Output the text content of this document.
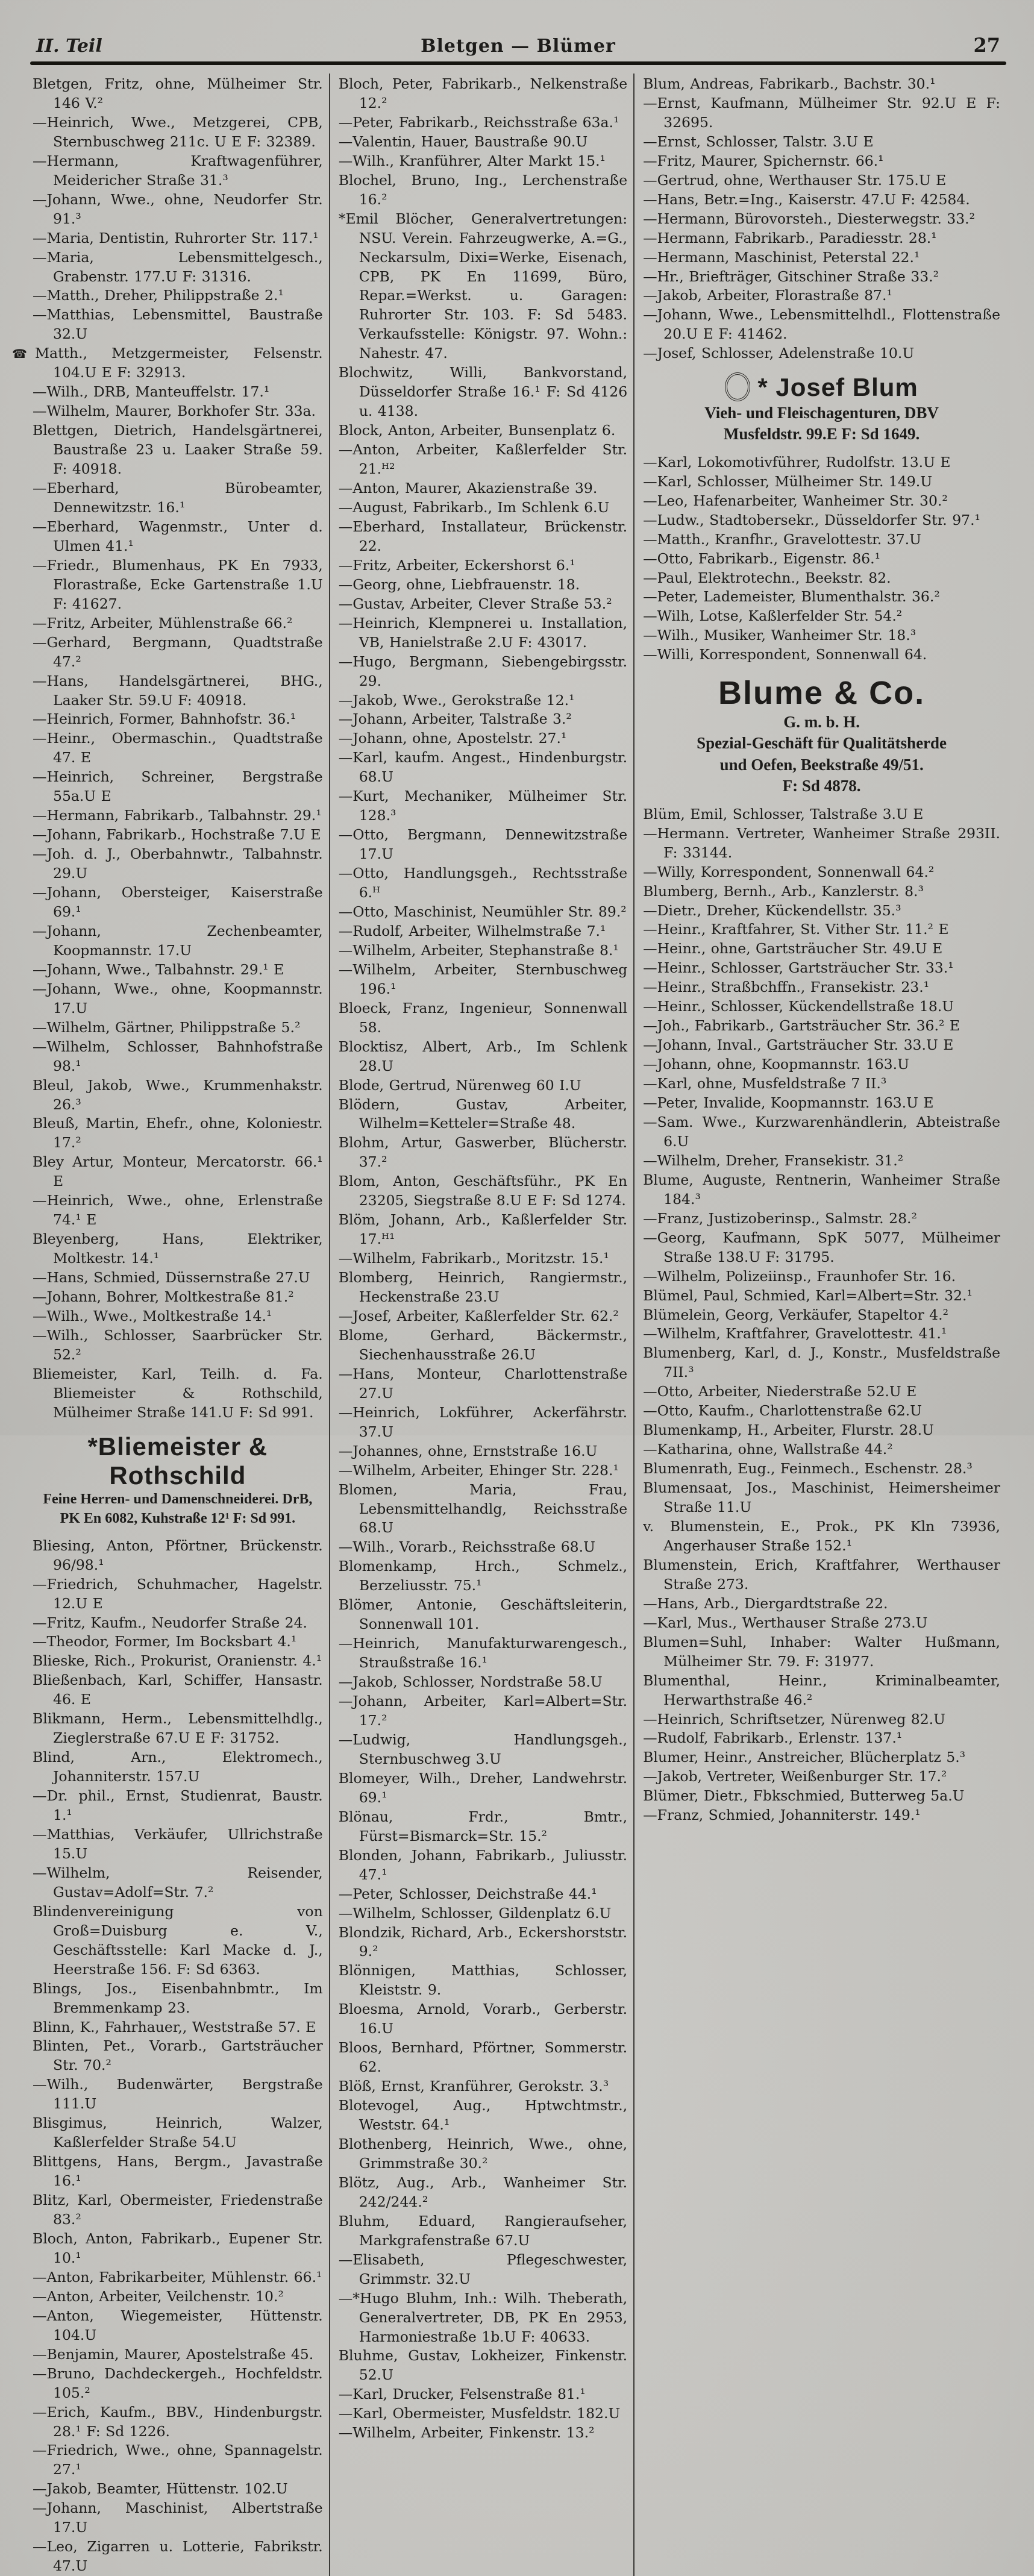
II. Teil	Bletgen — Blümer	27

Bletgen, Fritz, ohne, Mülheimer Str. 146 V.²

—Heinrich, Wwe., Metzgerei, CPB, Sternbuschweg 211c. U E F: 32389.

—Hermann, Kraftwagenführer, Meidericher Straße 31.³

—Johann, Wwe., ohne, Neudorfer Str. 91.³

—Maria, Dentistin, Ruhrorter Str. 117.¹

—Maria, Lebensmittelgesch., Grabenstr. 177.U F: 31316.

—Matth., Dreher, Philippstraße 2.¹

—Matthias, Lebensmittel, Baustraße 32.U

☎ Matth., Metzgermeister, Felsenstr. 104.U E F: 32913.

—Wilh., DRB, Manteuffelstr. 17.¹

—Wilhelm, Maurer, Borkhofer Str. 33a.

Blettgen, Dietrich, Handelsgärtnerei, Baustraße 23 u. Laaker Straße 59. F: 40918.

—Eberhard, Bürobeamter, Dennewitzstr. 16.¹

—Eberhard, Wagenmstr., Unter d. Ulmen 41.¹

—Friedr., Blumenhaus, PK En 7933, Florastraße, Ecke Gartenstraße 1.U F: 41627.

—Fritz, Arbeiter, Mühlenstraße 66.²

—Gerhard, Bergmann, Quadtstraße 47.²

—Hans, Handelsgärtnerei, BHG., Laaker Str. 59.U F: 40918.

—Heinrich, Former, Bahnhofstr. 36.¹

—Heinr., Obermaschin., Quadtstraße 47. E

—Heinrich, Schreiner, Bergstraße 55a.U E

—Hermann, Fabrikarb., Talbahnstr. 29.¹

—Johann, Fabrikarb., Hochstraße 7.U E

—Joh. d. J., Oberbahnwtr., Talbahnstr. 29.U

—Johann, Obersteiger, Kaiserstraße 69.¹

—Johann, Zechenbeamter, Koopmannstr. 17.U

—Johann, Wwe., Talbahnstr. 29.¹ E

—Johann, Wwe., ohne, Koopmannstr. 17.U

—Wilhelm, Gärtner, Philippstraße 5.²

—Wilhelm, Schlosser, Bahnhofstraße 98.¹

Bleul, Jakob, Wwe., Krummenhakstr. 26.³

Bleuß, Martin, Ehefr., ohne, Koloniestr. 17.²

Bley Artur, Monteur, Mercatorstr. 66.¹ E

—Heinrich, Wwe., ohne, Erlenstraße 74.¹ E

Bleyenberg, Hans, Elektriker, Moltkestr. 14.¹

—Hans, Schmied, Düssernstraße 27.U

—Johann, Bohrer, Moltkestraße 81.²

—Wilh., Wwe., Moltkestraße 14.¹

—Wilh., Schlosser, Saarbrücker Str. 52.²

Bliemeister, Karl, Teilh. d. Fa. Bliemeister & Rothschild, Mülheimer Straße 141.U F: Sd 991.

*Bliemeister & Rothschild
Feine Herren- und Damenschneiderei. DrB,
PK En 6082, Kuhstraße 12¹ F: Sd 991.

Bliesing, Anton, Pförtner, Brückenstr. 96/98.¹

—Friedrich, Schuhmacher, Hagelstr. 12.U E

—Fritz, Kaufm., Neudorfer Straße 24.

—Theodor, Former, Im Bocksbart 4.¹

Blieske, Rich., Prokurist, Oranienstr. 4.¹

Bließenbach, Karl, Schiffer, Hansastr. 46. E

Blikmann, Herm., Lebensmittelhdlg., Zieglerstraße 67.U E F: 31752.

Blind, Arn., Elektromech., Johanniterstr. 157.U

—Dr. phil., Ernst, Studienrat, Baustr. 1.¹

—Matthias, Verkäufer, Ullrichstraße 15.U

—Wilhelm, Reisender, Gustav=Adolf=Str. 7.²

Blindenvereinigung von Groß=Duisburg e. V., Geschäftsstelle: Karl Macke d. J., Heerstraße 156. F: Sd 6363.

Blings, Jos., Eisenbahnbmtr., Im Bremmenkamp 23.

Blinn, K., Fahrhauer,, Weststraße 57. E

Blinten, Pet., Vorarb., Gartsträucher Str. 70.²

—Wilh., Budenwärter, Bergstraße 111.U

Blisgimus, Heinrich, Walzer, Kaßlerfelder Straße 54.U

Blittgens, Hans, Bergm., Javastraße 16.¹

Blitz, Karl, Obermeister, Friedenstraße 83.²

Bloch, Anton, Fabrikarb., Eupener Str. 10.¹

—Anton, Fabrikarbeiter, Mühlenstr. 66.¹

—Anton, Arbeiter, Veilchenstr. 10.²

—Anton, Wiegemeister, Hüttenstr. 104.U

—Benjamin, Maurer, Apostelstraße 45.

—Bruno, Dachdeckergeh., Hochfeldstr. 105.²

—Erich, Kaufm., BBV., Hindenburgstr. 28.¹ F: Sd 1226.

—Friedrich, Wwe., ohne, Spannagelstr. 27.¹

—Jakob, Beamter, Hüttenstr. 102.U

—Johann, Maschinist, Albertstraße 17.U

—Leo, Zigarren u. Lotterie, Fabrikstr. 47.U

Bloch, Peter, Fabrikarb., Nelkenstraße 12.²

—Peter, Fabrikarb., Reichsstraße 63a.¹

—Valentin, Hauer, Baustraße 90.U

—Wilh., Kranführer, Alter Markt 15.¹

Blochel, Bruno, Ing., Lerchenstraße 16.²

*Emil Blöcher, Generalvertretungen: NSU. Verein. Fahrzeugwerke, A.=G., Neckarsulm, Dixi=Werke, Eisenach, CPB, PK En 11699, Büro, Repar.=Werkst. u. Garagen: Ruhrorter Str. 103. F: Sd 5483. Verkaufsstelle: Königstr. 97. Wohn.: Nahestr. 47.

Blochwitz, Willi, Bankvorstand, Düsseldorfer Straße 16.¹ F: Sd 4126 u. 4138.

Block, Anton, Arbeiter, Bunsenplatz 6.

—Anton, Arbeiter, Kaßlerfelder Str. 21.ᴴ²

—Anton, Maurer, Akazienstraße 39.

—August, Fabrikarb., Im Schlenk 6.U

—Eberhard, Installateur, Brückenstr. 22.

—Fritz, Arbeiter, Eckershorst 6.¹

—Georg, ohne, Liebfrauenstr. 18.

—Gustav, Arbeiter, Clever Straße 53.²

—Heinrich, Klempnerei u. Installation, VB, Hanielstraße 2.U F: 43017.

—Hugo, Bergmann, Siebengebirgsstr. 29.

—Jakob, Wwe., Gerokstraße 12.¹

—Johann, Arbeiter, Talstraße 3.²

—Johann, ohne, Apostelstr. 27.¹

—Karl, kaufm. Angest., Hindenburgstr. 68.U

—Kurt, Mechaniker, Mülheimer Str. 128.³

—Otto, Bergmann, Dennewitzstraße 17.U

—Otto, Handlungsgeh., Rechtsstraße 6.ᴴ

—Otto, Maschinist, Neumühler Str. 89.²

—Rudolf, Arbeiter, Wilhelmstraße 7.¹

—Wilhelm, Arbeiter, Stephanstraße 8.¹

—Wilhelm, Arbeiter, Sternbuschweg 196.¹

Bloeck, Franz, Ingenieur, Sonnenwall 58.

Blocktisz, Albert, Arb., Im Schlenk 28.U

Blode, Gertrud, Nürenweg 60 I.U

Blödern, Gustav, Arbeiter, Wilhelm=Ketteler=Straße 48.

Blohm, Artur, Gaswerber, Blücherstr. 37.²

Blom, Anton, Geschäftsführ., PK En 23205, Siegstraße 8.U E F: Sd 1274.

Blöm, Johann, Arb., Kaßlerfelder Str. 17.ᴴ¹

—Wilhelm, Fabrikarb., Moritzstr. 15.¹

Blomberg, Heinrich, Rangiermstr., Heckenstraße 23.U

—Josef, Arbeiter, Kaßlerfelder Str. 62.²

Blome, Gerhard, Bäckermstr., Siechenhausstraße 26.U

—Hans, Monteur, Charlottenstraße 27.U

—Heinrich, Lokführer, Ackerfährstr. 37.U

—Johannes, ohne, Ernststraße 16.U

—Wilhelm, Arbeiter, Ehinger Str. 228.¹

Blomen, Maria, Frau, Lebensmittelhandlg, Reichsstraße 68.U

—Wilh., Vorarb., Reichsstraße 68.U

Blomenkamp, Hrch., Schmelz., Berzeliusstr. 75.¹

Blömer, Antonie, Geschäftsleiterin, Sonnenwall 101.

—Heinrich, Manufakturwarengesch., Straußstraße 16.¹

—Jakob, Schlosser, Nordstraße 58.U

—Johann, Arbeiter, Karl=Albert=Str. 17.²

—Ludwig, Handlungsgeh., Sternbuschweg 3.U

Blomeyer, Wilh., Dreher, Landwehrstr. 69.¹

Blönau, Frdr., Bmtr., Fürst=Bismarck=Str. 15.²

Blonden, Johann, Fabrikarb., Juliusstr. 47.¹

—Peter, Schlosser, Deichstraße 44.¹

—Wilhelm, Schlosser, Gildenplatz 6.U

Blondzik, Richard, Arb., Eckershorststr. 9.²

Blönnigen, Matthias, Schlosser, Kleiststr. 9.

Bloesma, Arnold, Vorarb., Gerberstr. 16.U

Bloos, Bernhard, Pförtner, Sommerstr. 62.

Blöß, Ernst, Kranführer, Gerokstr. 3.³

Blotevogel, Aug., Hptwchtmstr., Weststr. 64.¹

Blothenberg, Heinrich, Wwe., ohne, Grimmstraße 30.²

Blötz, Aug., Arb., Wanheimer Str. 242/244.²

Bluhm, Eduard, Rangieraufseher, Markgrafenstraße 67.U

—Elisabeth, Pflegeschwester, Grimmstr. 32.U

—*Hugo Bluhm, Inh.: Wilh. Theberath, Generalvertreter, DB, PK En 2953, Harmoniestraße 1b.U F: 40633.

Bluhme, Gustav, Lokheizer, Finkenstr. 52.U

—Karl, Drucker, Felsenstraße 81.¹

—Karl, Obermeister, Musfeldstr. 182.U

—Wilhelm, Arbeiter, Finkenstr. 13.²

Blum, Andreas, Fabrikarb., Bachstr. 30.¹

—Ernst, Kaufmann, Mülheimer Str. 92.U E F: 32695.

—Ernst, Schlosser, Talstr. 3.U E

—Fritz, Maurer, Spichernstr. 66.¹

—Gertrud, ohne, Werthauser Str. 175.U E

—Hans, Betr.=Ing., Kaiserstr. 47.U F: 42584.

—Hermann, Bürovorsteh., Diesterwegstr. 33.²

—Hermann, Fabrikarb., Paradiesstr. 28.¹

—Hermann, Maschinist, Peterstal 22.¹

—Hr., Briefträger, Gitschiner Straße 33.²

—Jakob, Arbeiter, Florastraße 87.¹

—Johann, Wwe., Lebensmittelhdl., Flottenstraße 20.U E F: 41462.

—Josef, Schlosser, Adelenstraße 10.U

* Josef Blum
Vieh- und Fleischagenturen, DBV
Musfeldstr. 99.E F: Sd 1649.

—Karl, Lokomotivführer, Rudolfstr. 13.U E

—Karl, Schlosser, Mülheimer Str. 149.U

—Leo, Hafenarbeiter, Wanheimer Str. 30.²

—Ludw., Stadtobersekr., Düsseldorfer Str. 97.¹

—Matth., Kranfhr., Gravelottestr. 37.U

—Otto, Fabrikarb., Eigenstr. 86.¹

—Paul, Elektrotechn., Beekstr. 82.

—Peter, Lademeister, Blumenthalstr. 36.²

—Wilh, Lotse, Kaßlerfelder Str. 54.²

—Wilh., Musiker, Wanheimer Str. 18.³

—Willi, Korrespondent, Sonnenwall 64.

Blume & Co.
G. m. b. H.
Spezial-Geschäft für Qualitätsherde
und Oefen, Beekstraße 49/51.
F: Sd 4878.

Blüm, Emil, Schlosser, Talstraße 3.U E

—Hermann. Vertreter, Wanheimer Straße 293II. F: 33144.

—Willy, Korrespondent, Sonnenwall 64.²

Blumberg, Bernh., Arb., Kanzlerstr. 8.³

—Dietr., Dreher, Kückendellstr. 35.³

—Heinr., Kraftfahrer, St. Vither Str. 11.² E

—Heinr., ohne, Gartsträucher Str. 49.U E

—Heinr., Schlosser, Gartsträucher Str. 33.¹

—Heinr., Straßbchffn., Fransekistr. 23.¹

—Heinr., Schlosser, Kückendellstraße 18.U

—Joh., Fabrikarb., Gartsträucher Str. 36.² E

—Johann, Inval., Gartsträucher Str. 33.U E

—Johann, ohne, Koopmannstr. 163.U

—Karl, ohne, Musfeldstraße 7 II.³

—Peter, Invalide, Koopmannstr. 163.U E

—Sam. Wwe., Kurzwarenhändlerin, Abteistraße 6.U

—Wilhelm, Dreher, Fransekistr. 31.²

Blume, Auguste, Rentnerin, Wanheimer Straße 184.³

—Franz, Justizoberinsp., Salmstr. 28.²

—Georg, Kaufmann, SpK 5077, Mülheimer Straße 138.U F: 31795.

—Wilhelm, Polizeiinsp., Fraunhofer Str. 16.

Blümel, Paul, Schmied, Karl=Albert=Str. 32.¹

Blümelein, Georg, Verkäufer, Stapeltor 4.²

—Wilhelm, Kraftfahrer, Gravelottestr. 41.¹

Blumenberg, Karl, d. J., Konstr., Musfeldstraße 7II.³

—Otto, Arbeiter, Niederstraße 52.U E

—Otto, Kaufm., Charlottenstraße 62.U

Blumenkamp, H., Arbeiter, Flurstr. 28.U

—Katharina, ohne, Wallstraße 44.²

Blumenrath, Eug., Feinmech., Eschenstr. 28.³

Blumensaat, Jos., Maschinist, Heimersheimer Straße 11.U

v. Blumenstein, E., Prok., PK Kln 73936, Angerhauser Straße 152.¹

Blumenstein, Erich, Kraftfahrer, Werthauser Straße 273.

—Hans, Arb., Diergardtstraße 22.

—Karl, Mus., Werthauser Straße 273.U

Blumen=Suhl, Inhaber: Walter Hußmann, Mülheimer Str. 79. F: 31977.

Blumenthal, Heinr., Kriminalbeamter, Herwarthstraße 46.²

—Heinrich, Schriftsetzer, Nürenweg 82.U

—Rudolf, Fabrikarb., Erlenstr. 137.¹

Blumer, Heinr., Anstreicher, Blücherplatz 5.³

—Jakob, Vertreter, Weißenburger Str. 17.²

Blümer, Dietr., Fbkschmied, Butterweg 5a.U

—Franz, Schmied, Johanniterstr. 149.¹
